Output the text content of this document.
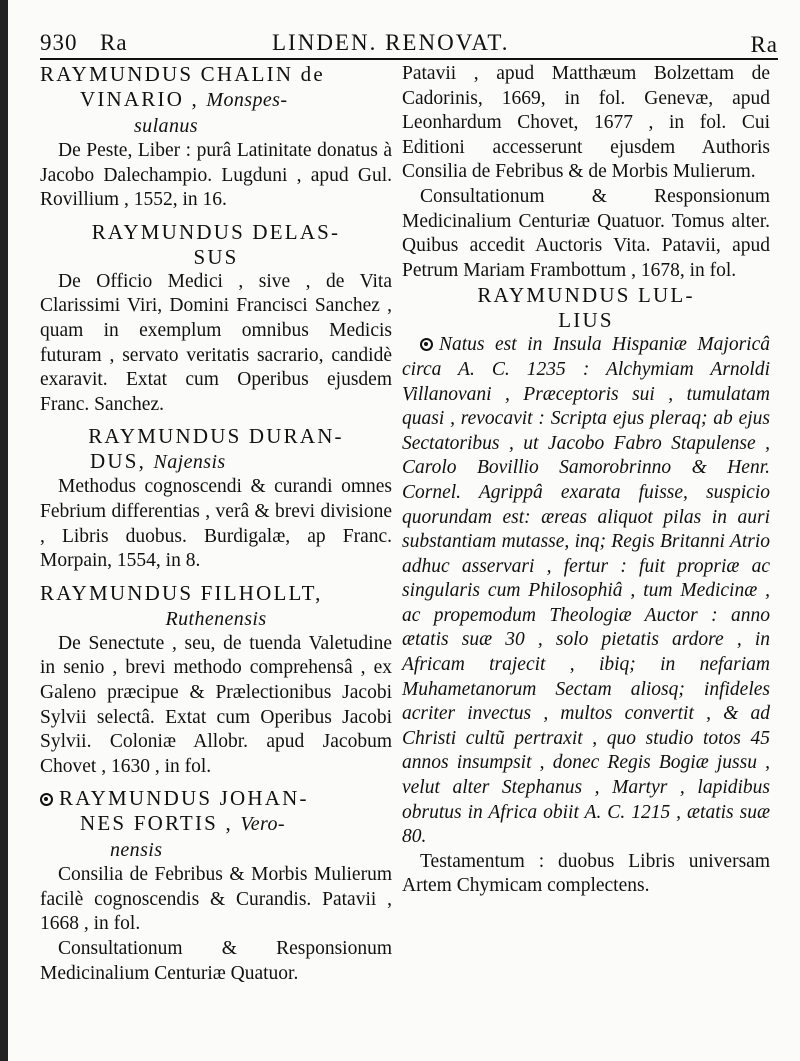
930 Ra	LINDEN. RENOVAT.	Ra
RAYMUNDUS CHALIN de
VINARIO , Monspes-
sulanus

De Peste, Liber : purâ Latinitate donatus à Jacobo Dalechampio. Lugduni , apud Gul. Rovillium , 1552, in 16.

RAYMUNDUS DELAS-
SUS

De Officio Medici , sive , de Vita Clarissimi Viri, Domini Francisci Sanchez , quam in exemplum omnibus Medicis futuram , servato veritatis sacrario, candidè exaravit. Extat cum Operibus ejusdem Franc. Sanchez.

RAYMUNDUS DURAN-
DUS, Najensis

Methodus cognoscendi & curandi omnes Febrium differentias , verâ & brevi divisione , Libris duobus. Burdigalæ, ap Franc. Morpain, 1554, in 8.

RAYMUNDUS FILHOLLT,
Ruthenensis

De Senectute , seu, de tuenda Valetudine in senio , brevi methodo comprehensâ , ex Galeno præcipue & Prælectionibus Jacobi Sylvii selectâ. Extat cum Operibus Jacobi Sylvii. Coloniæ Allobr. apud Jacobum Chovet , 1630 , in fol.

RAYMUNDUS JOHAN-
NES FORTIS , Vero-
nensis

Consilia de Febribus & Morbis Mulierum facilè cognoscendis & Curandis. Patavii , 1668 , in fol.

Consultationum & Responsionum Medicinalium Centuriæ Quatuor.

Patavii , apud Matthæum Bolzettam de Cadorinis, 1669, in fol. Genevæ, apud Leonhardum Chovet, 1677 , in fol. Cui Editioni accesserunt ejusdem Authoris Consilia de Febribus & de Morbis Mulierum.

Consultationum & Responsionum Medicinalium Centuriæ Quatuor. Tomus alter. Quibus accedit Auctoris Vita. Patavii, apud Petrum Mariam Frambottum , 1678, in fol.

RAYMUNDUS LUL-
LIUS

Natus est in Insula Hispaniæ Majoricâ circa A. C. 1235 : Alchymiam Arnoldi Villanovani , Præceptoris sui , tumulatam quasi , revocavit : Scripta ejus pleraq; ab ejus Sectatoribus , ut Jacobo Fabro Stapulense , Carolo Bovillio Samorobrinno & Henr. Cornel. Agrippâ exarata fuisse, suspicio quorundam est: æreas aliquot pilas in auri substantiam mutasse, inq; Regis Britanni Atrio adhuc asservari , fertur : fuit propriæ ac singularis cum Philosophiâ , tum Medicinæ , ac propemodum Theologiæ Auctor : anno ætatis suæ 30 , solo pietatis ardore , in Africam trajecit , ibiq; in nefariam Muhametanorum Sectam aliosq; infideles acriter invectus , multos convertit , & ad Christi cultũ pertraxit , quo studio totos 45 annos insumpsit , donec Regis Bogiæ jussu , velut alter Stephanus , Martyr , lapidibus obrutus in Africa obiit A. C. 1215 , ætatis suæ 80.

Testamentum : duobus Libris universam Artem Chymicam complectens.
